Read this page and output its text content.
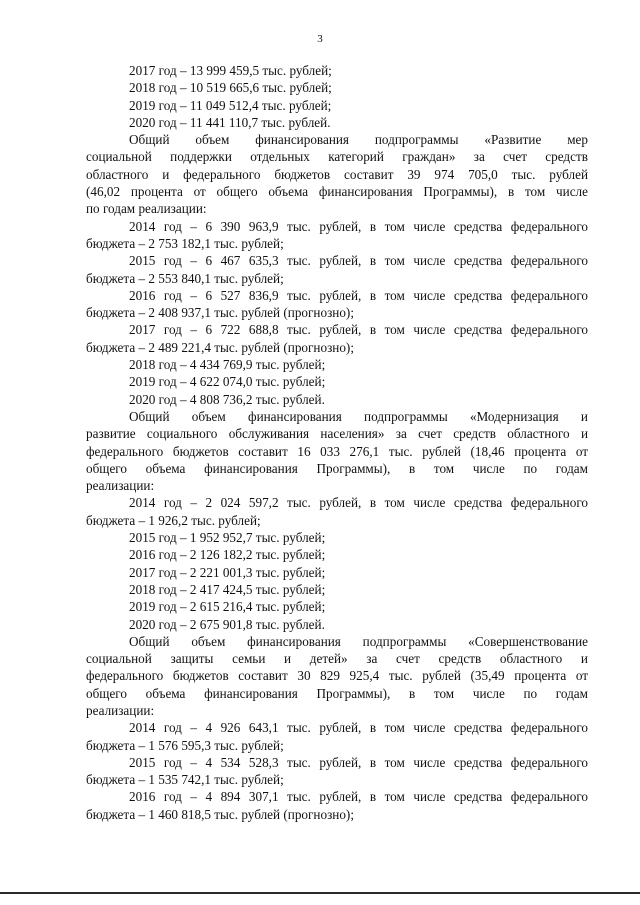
3
2017 год – 13 999 459,5 тыс. рублей;
2018 год – 10 519 665,6 тыс. рублей;
2019 год – 11 049 512,4 тыс. рублей;
2020 год – 11 441 110,7 тыс. рублей.
Общий объем финансирования подпрограммы «Развитие мер
социальной поддержки отдельных категорий граждан» за счет средств
областного и федерального бюджетов составит 39 974 705,0 тыс. рублей
(46,02 процента от общего объема финансирования Программы), в том числе
по годам реализации:
2014 год – 6 390 963,9 тыс. рублей, в том числе средства федерального
бюджета – 2 753 182,1 тыс. рублей;
2015 год – 6 467 635,3 тыс. рублей, в том числе средства федерального
бюджета – 2 553 840,1 тыс. рублей;
2016 год – 6 527 836,9 тыс. рублей, в том числе средства федерального
бюджета – 2 408 937,1 тыс. рублей (прогнозно);
2017 год – 6 722 688,8 тыс. рублей, в том числе средства федерального
бюджета – 2 489 221,4 тыс. рублей (прогнозно);
2018 год – 4 434 769,9 тыс. рублей;
2019 год – 4 622 074,0 тыс. рублей;
2020 год – 4 808 736,2 тыс. рублей.
Общий объем финансирования подпрограммы «Модернизация и
развитие социального обслуживания населения» за счет средств областного и
федерального бюджетов составит 16 033 276,1 тыс. рублей (18,46 процента от
общего объема финансирования Программы), в том числе по годам
реализации:
2014 год – 2 024 597,2 тыс. рублей, в том числе средства федерального
бюджета – 1 926,2 тыс. рублей;
2015 год – 1 952 952,7 тыс. рублей;
2016 год – 2 126 182,2 тыс. рублей;
2017 год – 2 221 001,3 тыс. рублей;
2018 год – 2 417 424,5 тыс. рублей;
2019 год – 2 615 216,4 тыс. рублей;
2020 год – 2 675 901,8 тыс. рублей.
Общий объем финансирования подпрограммы «Совершенствование
социальной защиты семьи и детей» за счет средств областного и
федерального бюджетов составит 30 829 925,4 тыс. рублей (35,49 процента от
общего объема финансирования Программы), в том числе по годам
реализации:
2014 год – 4 926 643,1 тыс. рублей, в том числе средства федерального
бюджета – 1 576 595,3 тыс. рублей;
2015 год – 4 534 528,3 тыс. рублей, в том числе средства федерального
бюджета – 1 535 742,1 тыс. рублей;
2016 год – 4 894 307,1 тыс. рублей, в том числе средства федерального
бюджета – 1 460 818,5 тыс. рублей (прогнозно);
